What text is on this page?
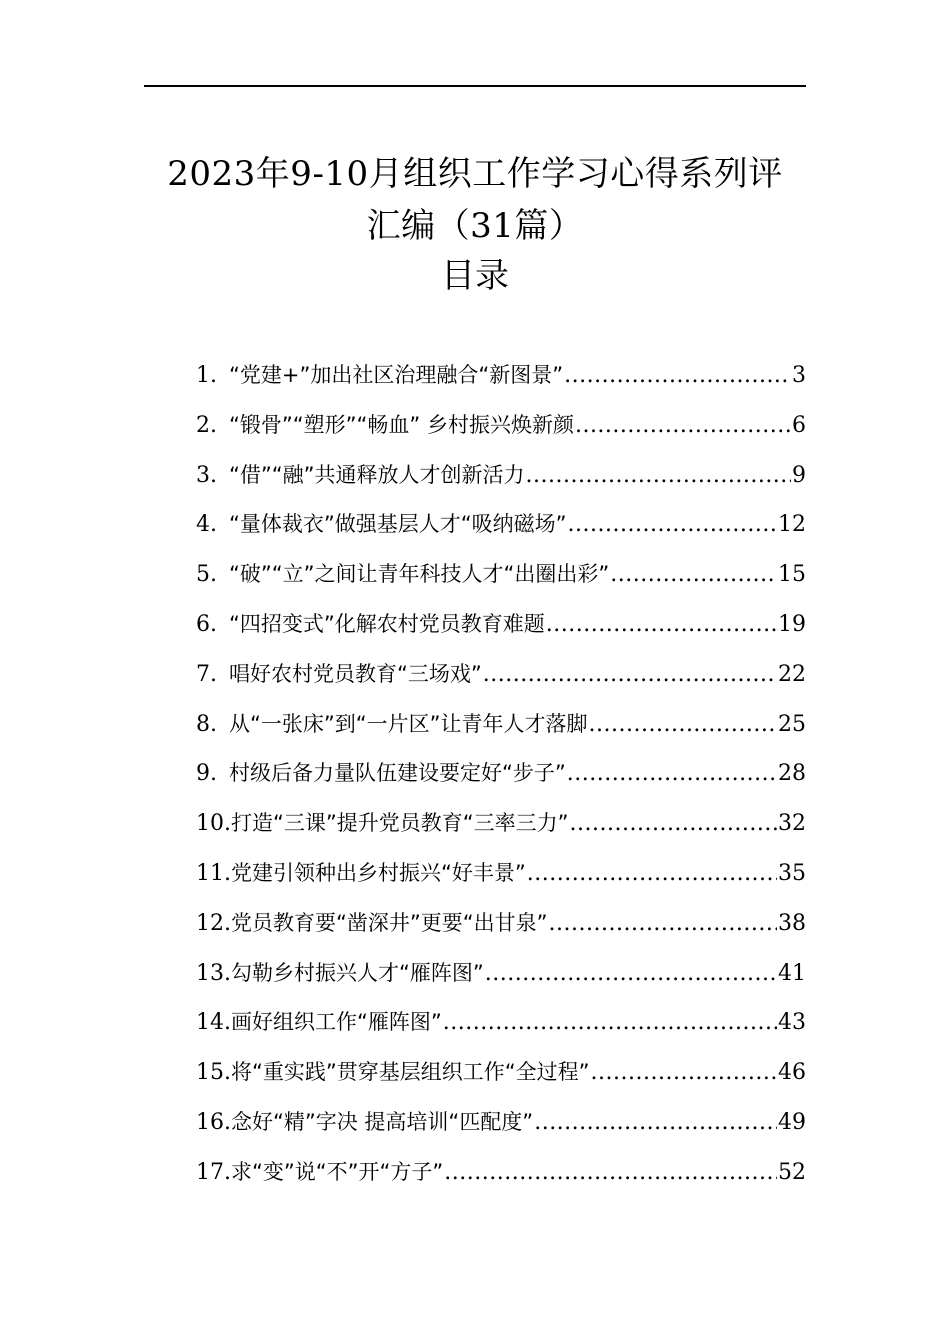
2023年9-10月组织工作学习心得系列评
汇编（31篇）
目录
1. “党建+”加出社区治理融合“新图景” .....	3
2. “锻骨”“塑形”“畅血” 乡村振兴焕新颜 .....	6
3. “借”“融”共通释放人才创新活力 .....	9
4. “量体裁衣”做强基层人才“吸纳磁场” .....	12
5. “破”“立”之间让青年科技人才“出圈出彩” .....	15
6. “四招变式”化解农村党员教育难题 .....	19
7. 唱好农村党员教育“三场戏” .....	22
8. 从“一张床”到“一片区”让青年人才落脚 .....	25
9. 村级后备力量队伍建设要定好“步子” .....	28
10. 打造“三课”提升党员教育“三率三力” .....	32
11. 党建引领种出乡村振兴“好丰景” .....	35
12. 党员教育要“凿深井”更要“出甘泉” .....	38
13. 勾勒乡村振兴人才“雁阵图” .....	41
14. 画好组织工作“雁阵图” .....	43
15. 将“重实践”贯穿基层组织工作“全过程” .....	46
16. 念好“精”字决 提高培训“匹配度” .....	49
17. 求“变”说“不”开“方子” .....	52
